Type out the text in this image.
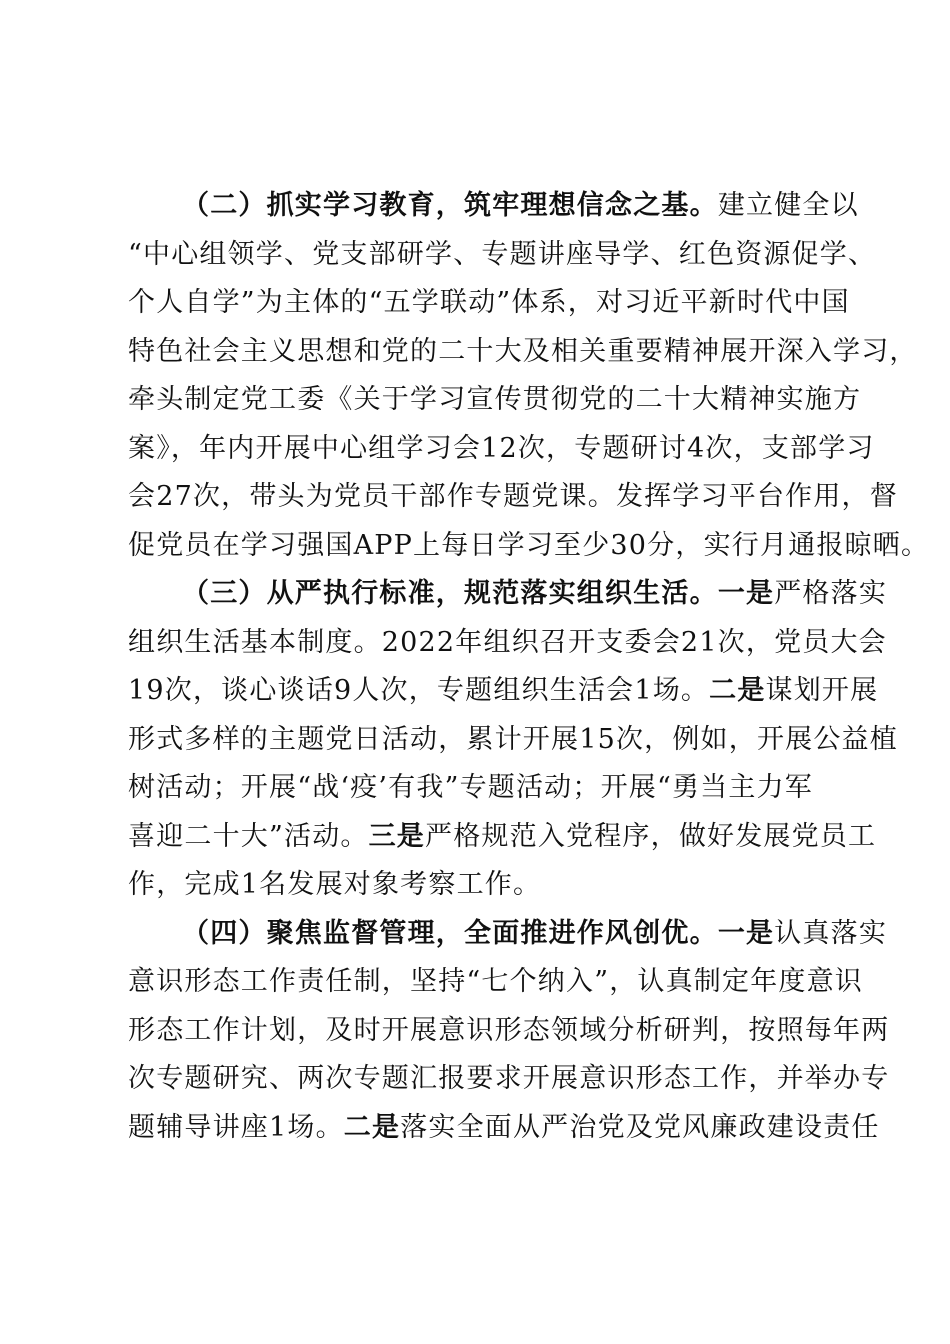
（二）抓实学习教育，筑牢理想信念之基。建立健全以
“中心组领学、党支部研学、专题讲座导学、红色资源促学、
个人自学”为主体的“五学联动”体系，对习近平新时代中国
特色社会主义思想和党的二十大及相关重要精神展开深入学习，
牵头制定党工委《关于学习宣传贯彻党的二十大精神实施方
案》，年内开展中心组学习会12次，专题研讨4次，支部学习
会27次，带头为党员干部作专题党课。发挥学习平台作用，督
促党员在学习强国APP上每日学习至少30分，实行月通报晾晒。
（三）从严执行标准，规范落实组织生活。一是严格落实
组织生活基本制度。2022年组织召开支委会21次，党员大会
19次，谈心谈话9人次，专题组织生活会1场。二是谋划开展
形式多样的主题党日活动，累计开展15次，例如，开展公益植
树活动；开展“战‘疫’有我”专题活动；开展“勇当主力军
喜迎二十大”活动。三是严格规范入党程序，做好发展党员工
作，完成1名发展对象考察工作。
（四）聚焦监督管理，全面推进作风创优。一是认真落实
意识形态工作责任制，坚持“七个纳入”，认真制定年度意识
形态工作计划，及时开展意识形态领域分析研判，按照每年两
次专题研究、两次专题汇报要求开展意识形态工作，并举办专
题辅导讲座1场。二是落实全面从严治党及党风廉政建设责任
